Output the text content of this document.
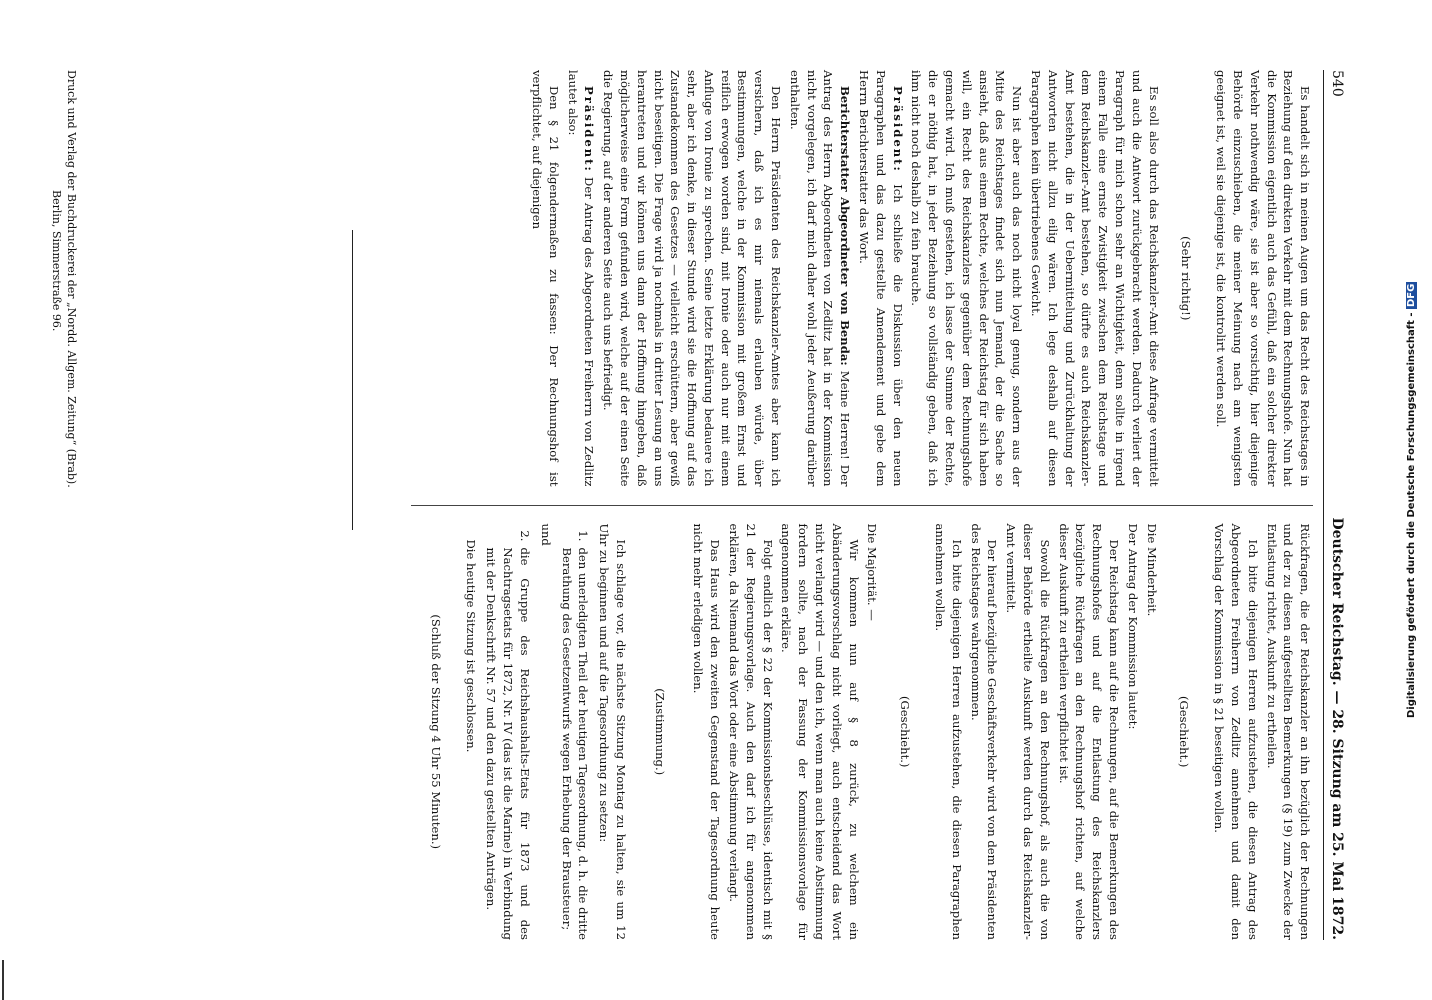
540
Deutscher Reichstag. — 28. Sitzung am 25. Mai 1872.

Es handelt sich in meinen Augen um das Recht des Reichstages in Beziehung auf den direkten Verkehr mit dem Rechnungshofe. Nun hat die Kommission eigentlich auch das Gefühl, daß ein solcher direkter Verkehr nothwendig wäre, sie ist aber so vorsichtig, hier diejenige Behörde einzuschieben, die meiner Meinung nach am wenigsten geeignet ist, weil sie diejenige ist, die kontrolirt werden soll.

(Sehr richtig!)

Es soll also durch das Reichskanzler-Amt diese Anfrage vermittelt und auch die Antwort zurückgebracht werden. Dadurch verliert der Paragraph für mich schon sehr an Wichtigkeit, denn sollte in irgend einem Falle eine ernste Zwistigkeit zwischen dem Reichstage und dem Reichskanzler-Amt bestehen, so dürfte es auch Reichskanzler-Amt bestehen, die in der Uebermittelung und Zurückhaltung der Antworten nicht allzu eilig wären. Ich lege deshalb auf diesen Paragraphen kein übertriebenes Gewicht.

Nun ist aber auch das noch nicht loyal genug, sondern aus der Mitte des Reichstages findet sich nun Jemand, der die Sache so ansieht, daß aus einem Rechte, welches der Reichstag für sich haben will, ein Recht des Reichskanzlers gegenüber dem Rechnungshofe gemacht wird. Ich muß gestehen, ich lasse der Summe der Rechte, die er nöthig hat, in jeder Beziehung so vollständig geben, daß ich ihm nicht noch deshalb zu fein brauche.

Präsident: Ich schließe die Diskussion über den neuen Paragraphen und das dazu gestellte Amendement und gebe dem Herrn Berichterstatter das Wort.

Berichterstatter Abgeordneter von Benda: Meine Herren! Der Antrag des Herrn Abgeordneten von Zedlitz hat in der Kommission nicht vorgelegen, ich darf mich daher wohl jeder Aeußerung darüber enthalten.

Den Herrn Präsidenten des Reichskanzler-Amtes aber kann ich versichern, daß ich es mir niemals erlauben würde, über Bestimmungen, welche in der Kommission mit großem Ernst und reiflich erwogen worden sind, mit Ironie oder auch nur mit einem Anfluge von Ironie zu sprechen. Seine letzte Erklärung bedauere ich sehr, aber ich denke, in dieser Stunde wird sie die Hoffnung auf das Zustandekommen des Gesetzes — vielleicht erschüttern, aber gewiß nicht beseitigen. Die Frage wird ja nochmals in dritter Lesung an uns herantreten und wir können uns dann der Hoffnung hingeben, daß möglicherweise eine Form gefunden wird, welche auf der einen Seite die Regierung, auf der anderen Seite auch uns befriedigt.

Präsident: Der Antrag des Abgeordneten Freiherrn von Zedlitz lautet also:

Den § 21 folgendermaßen zu fassen: Der Rechnungshof ist verpflichtet, auf diejenigen

Rückfragen, die der Reichskanzler an ihn bezüglich der Rechnungen und der zu diesen aufgestellten Bemerkungen (§ 19) zum Zwecke der Entlastung richtet, Auskunft zu ertheilen.

Ich bitte diejenigen Herren aufzustehen, die diesen Antrag des Abgeordneten Freiherrn von Zedlitz annehmen und damit den Vorschlag der Kommission in § 21 beseitigen wollen.

(Geschieht.)

Die Minderheit.

Der Antrag der Kommission lautet:

Der Reichstag kann auf die Rechnungen, auf die Bemerkungen des Rechnungshofes und auf die Entlastung des Reichskanzlers bezügliche Rückfragen an den Rechnungshof richten, auf welche dieser Auskunft zu ertheilen verpflichtet ist.

Sowohl die Rückfragen an den Rechnungshof, als auch die von dieser Behörde ertheilte Auskunft werden durch das Reichskanzler-Amt vermittelt.

Der hierauf bezügliche Geschäftsverkehr wird von dem Präsidenten des Reichstages wahrgenommen.

Ich bitte diejenigen Herren aufzustehen, die diesen Paragraphen annehmen wollen.

(Geschieht.)

Die Majorität. —

Wir kommen nun auf § 8 zurück, zu welchem ein Abänderungsvorschlag nicht vorliegt, auch entscheidend das Wort nicht verlangt wird — und den ich, wenn man auch keine Abstimmung fordern sollte, nach der Fassung der Kommissionsvorlage für angenommen erkläre.

Folgt endlich der § 22 der Kommissionsbeschlüsse, identisch mit § 21 der Regierungsvorlage. Auch den darf ich für angenommen erklären, da Niemand das Wort oder eine Abstimmung verlangt.

Das Haus wird den zweiten Gegenstand der Tagesordnung heute nicht mehr erledigen wollen.

(Zustimmung.)

Ich schlage vor, die nächste Sitzung Montag zu halten, sie um 12 Uhr zu beginnen und auf die Tagesordnung zu setzen:

1.
den unerledigten Theil der heutigen Tagesordnung, d. h. die dritte Berathung des Gesetzentwurfs wegen Erhebung der Brausteuer;
und
2.
die Gruppe des Reichshaushalts-Etats für 1873 und des Nachtragsetats für 1872, Nr. IV (das ist die Marine) in Verbindung mit der Denkschrift Nr. 57 und den dazu gestellten Anträgen.

Die heutige Sitzung ist geschlossen.

(Schluß der Sitzung 4 Uhr 55 Minuten.)
Druck und Verlag der Buchdruckerei der „Nordd. Allgem. Zeitung“ (Brab).
Berlin, Simmerstraße 96.
Digitalisierung gefördert durch die Deutsche Forschungsgemeinschaft - DFG
